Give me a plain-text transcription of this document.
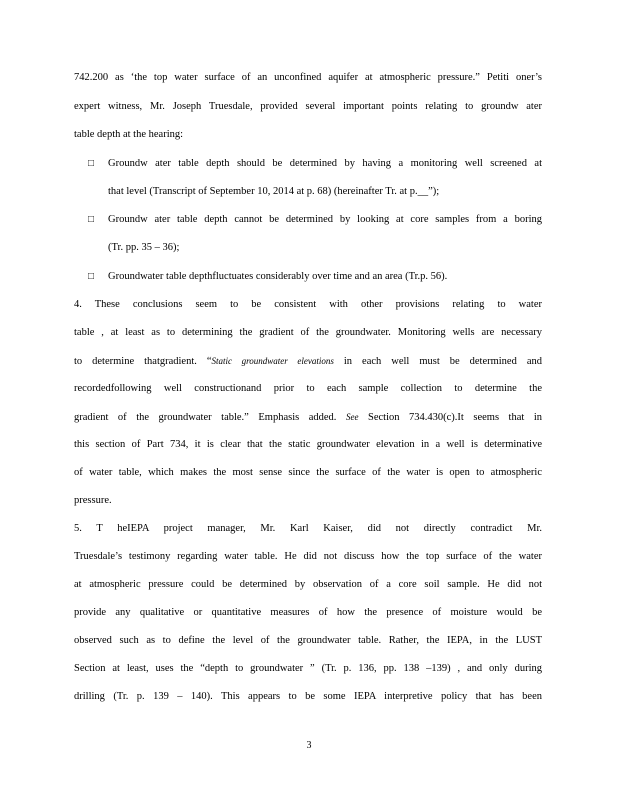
742.200 as ‘the top water surface of an unconfined aquifer at atmospheric pressure.” Petiti oner’s
expert witness, Mr. Joseph Truesdale, provided several important points relating to groundw ater
table depth at the hearing:
□ Groundw ater table depth should be determined by having a monitoring well screened at
that level (Transcript of September 10, 2014 at p. 68) (hereinafter Tr. at p.__”);
□ Groundw ater table depth cannot be determined by looking at core samples from a boring
(Tr. pp. 35 – 36);
□ Groundwater table depthfluctuates considerably over time and an area (Tr.p. 56).
4. These conclusions seem to be consistent with other provisions relating to water
table , at least as to determining the gradient of the groundwater. Monitoring wells are necessary
to determine thatgradient. “Static groundwater elevations in each well must be determined and
recordedfollowing well constructionand prior to each sample collection to determine the
gradient of the groundwater table.” Emphasis added. See Section 734.430(c).It seems that in
this section of Part 734, it is clear that the static groundwater elevation in a well is determinative
of water table, which makes the most sense since the surface of the water is open to atmospheric
pressure.
5. T heIEPA project manager, Mr. Karl Kaiser, did not directly contradict Mr.
Truesdale’s testimony regarding water table. He did not discuss how the top surface of the water
at atmospheric pressure could be determined by observation of a core soil sample. He did not
provide any qualitative or quantitative measures of how the presence of moisture would be
observed such as to define the level of the groundwater table. Rather, the IEPA, in the LUST
Section at least, uses the “depth to groundwater ” (Tr. p. 136, pp. 138 –139) , and only during
drilling (Tr. p. 139 – 140). This appears to be some IEPA interpretive policy that has been
3
